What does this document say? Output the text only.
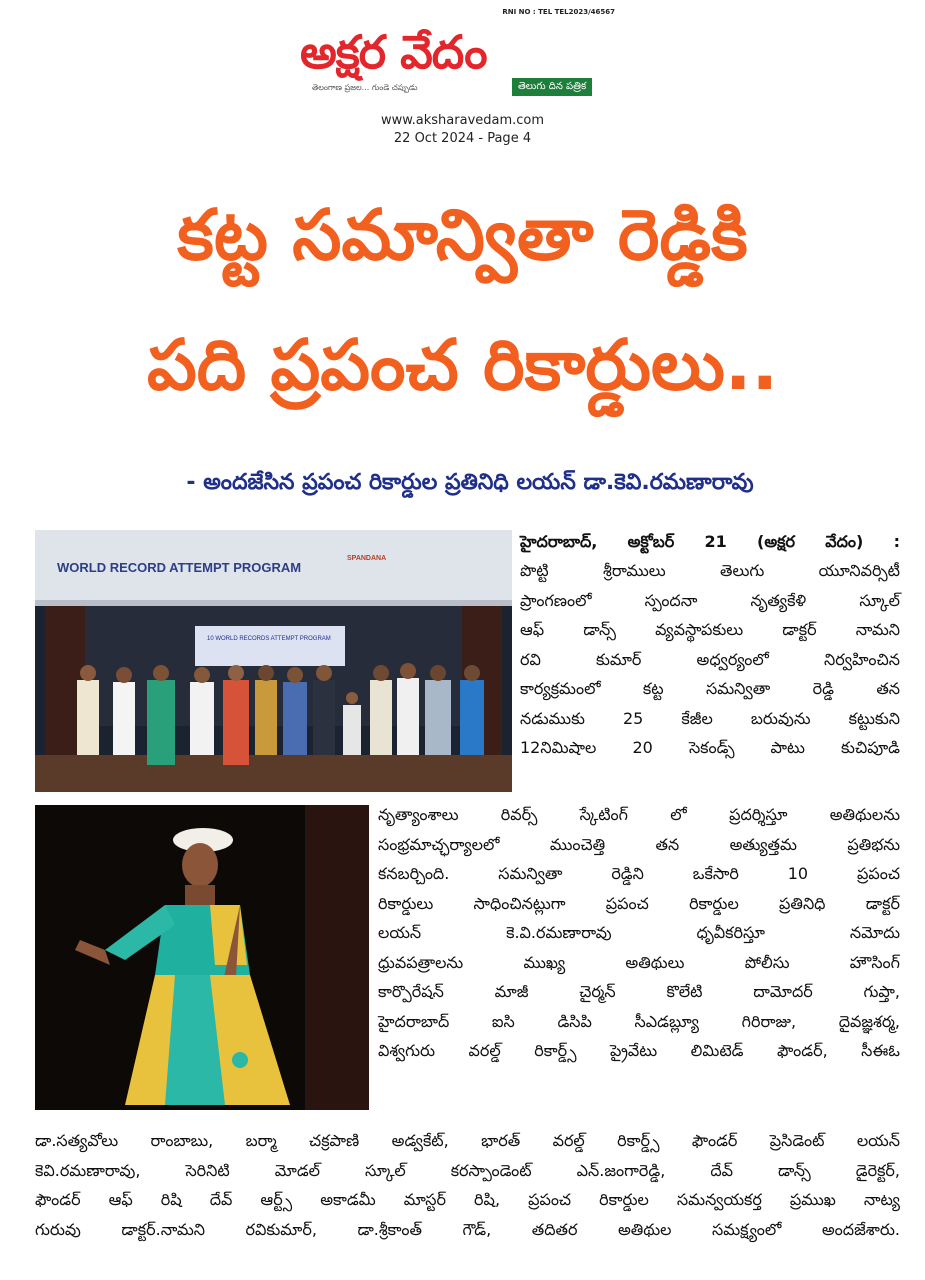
RNI NO : TEL TEL2023/46567
అక్షర వేదం
తెలంగాణ ప్రజల... గుండె చప్పుడు	తెలుగు దిన పత్రిక
www.aksharavedam.com
22 Oct 2024 - Page 4
కట్ట సమాన్వితా రెడ్డికి
పది ప్రపంచ రికార్డులు..
- అందజేసిన ప్రపంచ రికార్డుల ప్రతినిధి లయన్ డా.కెవి.రమణారావు
WORLD RECORD ATTEMPT PROGRAM
SPANDANA
10 WORLD RECORDS ATTEMPT PROGRAM
హైదరాబాద్, అక్టోబర్ 21 (అక్షర వేదం) :
పొట్టి శ్రీరాములు తెలుగు యూనివర్సిటీ
ప్రాంగణంలో స్పందనా నృత్యకేళి స్కూల్
ఆఫ్ డాన్స్ వ్యవస్థాపకులు డాక్టర్ నామని
రవి కుమార్ అధ్వర్యంలో నిర్వహించిన
కార్యక్రమంలో కట్ట సమన్వితా రెడ్డి తన
నడుముకు 25 కేజీల బరువును కట్టుకుని
12నిమిషాల 20 సెకండ్స్ పాటు కుచిపూడి
నృత్యాంశాలు రివర్స్ స్కేటింగ్ లో ప్రదర్శిస్తూ అతిథులను
సంభ్రమాచ్ఛర్యాలలో ముంచెత్తి తన అత్యుత్తమ ప్రతిభను
కనబర్చింది. సమన్వితా రెడ్డిని ఒకేసారి 10 ప్రపంచ
రికార్డులు సాధించినట్లుగా ప్రపంచ రికార్డుల ప్రతినిధి డాక్టర్
లయన్ కె.వి.రమణారావు ధృవీకరిస్తూ నమోదు
ధ్రువపత్రాలను ముఖ్య అతిథులు పోలీసు హౌసింగ్
కార్పొరేషన్ మాజీ చైర్మన్ కొలేటి దామోదర్ గుప్తా,
హైదరాబాద్ ఐసి డిసిపి సీఎడబ్ల్యూ గిరిరాజు, దైవజ్ఞశర్మ,
విశ్వగురు వరల్డ్ రికార్డ్స్ ప్రైవేటు లిమిటెడ్ ఫౌండర్, సీఈఓ
డా.సత్యవోలు రాంబాబు, బర్మా చక్రపాణి అడ్వకేట్, భారత్ వరల్డ్ రికార్డ్స్ ఫౌండర్ ప్రెసిడెంట్ లయన్
కెవి.రమణారావు, సెరినిటి మోడల్ స్కూల్ కరస్పాండెంట్ ఎన్.జంగారెడ్డి, దేవ్ డాన్స్ డైరెక్టర్,
ఫౌండర్ ఆఫ్ రిషి దేవ్ ఆర్ట్స్ అకాడమీ మాస్టర్ రిషి, ప్రపంచ రికార్డుల సమన్వయకర్త ప్రముఖ నాట్య
గురువు డాక్టర్.నామని రవికుమార్, డా.శ్రీకాంత్ గౌడ్, తదితర అతిథుల సమక్ష్యంలో అందజేశారు.
